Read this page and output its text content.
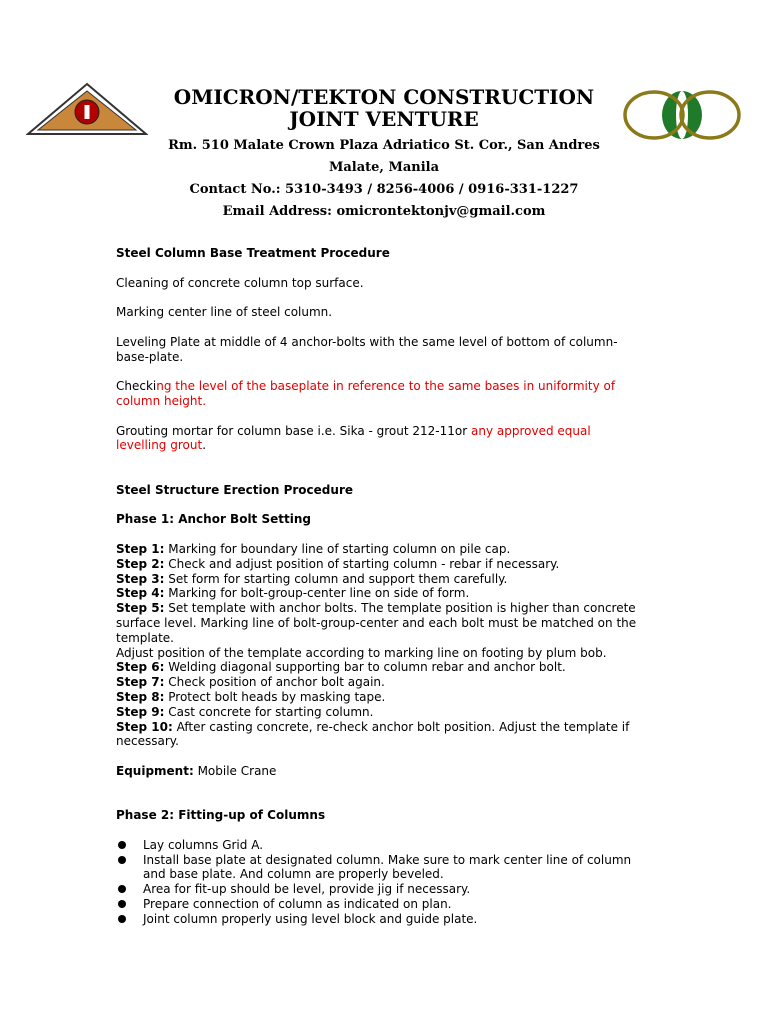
OMICRON/TEKTON CONSTRUCTION
JOINT VENTURE
Rm. 510 Malate Crown Plaza Adriatico St. Cor., San Andres
Malate, Manila
Contact No.: 5310-3493 / 8256-4006 / 0916-331-1227
Email Address: omicrontektonjv@gmail.com

Steel Column Base Treatment Procedure

Cleaning of concrete column top surface.

Marking center line of steel column.

Leveling Plate at middle of 4 anchor-bolts with the same level of bottom of column-base-plate.

Checking the level of the baseplate in reference to the same bases in uniformity of column height.

Grouting mortar for column base i.e. Sika - grout 212-11or any approved equal levelling grout.

Steel Structure Erection Procedure

Phase 1: Anchor Bolt Setting

Step 1: Marking for boundary line of starting column on pile cap.

Step 2: Check and adjust position of starting column - rebar if necessary.

Step 3: Set form for starting column and support them carefully.

Step 4: Marking for bolt-group-center line on side of form.

Step 5: Set template with anchor bolts. The template position is higher than concrete surface level. Marking line of bolt-group-center and each bolt must be matched on the template.

Adjust position of the template according to marking line on footing by plum bob.

Step 6: Welding diagonal supporting bar to column rebar and anchor bolt.

Step 7: Check position of anchor bolt again.

Step 8: Protect bolt heads by masking tape.

Step 9: Cast concrete for starting column.

Step 10: After casting concrete, re-check anchor bolt position. Adjust the template if necessary.

Equipment: Mobile Crane

Phase 2: Fitting-up of Columns

Lay columns Grid A.
Install base plate at designated column. Make sure to mark center line of column and base plate. And column are properly beveled.
Area for fit-up should be level, provide jig if necessary.
Prepare connection of column as indicated on plan.
Joint column properly using level block and guide plate.
